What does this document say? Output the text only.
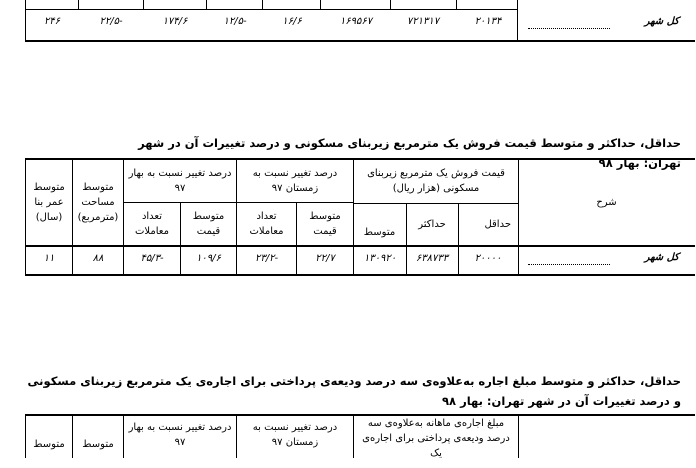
۲۰۱۳۴
۷۲۱۳۱۷
۱۶۹۵۶۷
۱۶/۶
-۱۲/۵
۱۷۴/۶
-۲۲/۵
۲۴۶	کل شهر
حداقل، حداکثر و متوسط قیمت فروش یک مترمربع زیربنای مسکونی و درصد تغییرات آن در شهر تهران: بهار ۹۸
شرح
قیمت فروش یک مترمربع زیربنای مسکونی (هزار ریال)
حداقل
حداکثر
متوسط
درصد تغییر نسبت به زمستان ۹۷
درصد تغییر نسبت به بهار ۹۷
متوسط قیمت
تعداد معاملات
متوسط قیمت
تعداد معاملات
متوسط مساحت (مترمربع)
متوسط عمر بنا (سال)
۲۰۰۰۰
۶۳۸۷۳۳
۱۳۰۹۲۰
۲۲/۷
-۲۳/۲
۱۰۹/۶
-۴۵/۳
۸۸
۱۱	کل شهر
حداقل، حداکثر و متوسط مبلغ اجاره به‌علاوه‌ی سه درصد ودیعه‌ی پرداختی برای اجاره‌ی یک مترمربع زیربنای مسکونی و درصد تغییرات آن در شهر تهران: بهار ۹۸
مبلغ اجاره‌ی ماهانه به‌علاوه‌ی سه درصد ودیعه‌ی پرداختی برای اجاره‌ی یک
درصد تغییر نسبت به زمستان ۹۷
درصد تغییر نسبت به بهار ۹۷
متوسط
متوسط
